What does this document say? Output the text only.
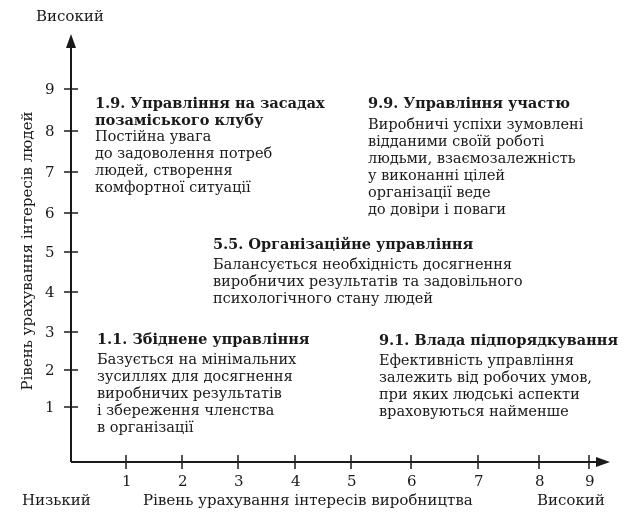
Високий
Рівень урахування інтересів людей
1
2
3
4
5
6
7
8
9
1	2	3	4	5	6	7	8	9
Низький	Рівень урахування інтересів виробництва	Високий
1.9. Управління на засадах
позаміського клубу
Постійна увага
до задоволення потреб
людей, створення
комфортної ситуації
9.9. Управління участю
Виробничі успіхи зумовлені
відданими своїй роботі
людьми, взаємозалежність
у виконанні цілей
організації веде
до довіри і поваги
5.5. Організаційне управління
Балансується необхідність досягнення
виробничих результатів та задовільного
психологічного стану людей
1.1. Збіднене управління
Базується на мінімальних
зусиллях для досягнення
виробничих результатів
і збереження членства
в організації
9.1. Влада підпорядкування
Ефективність управління
залежить від робочих умов,
при яких людські аспекти
враховуються найменше
